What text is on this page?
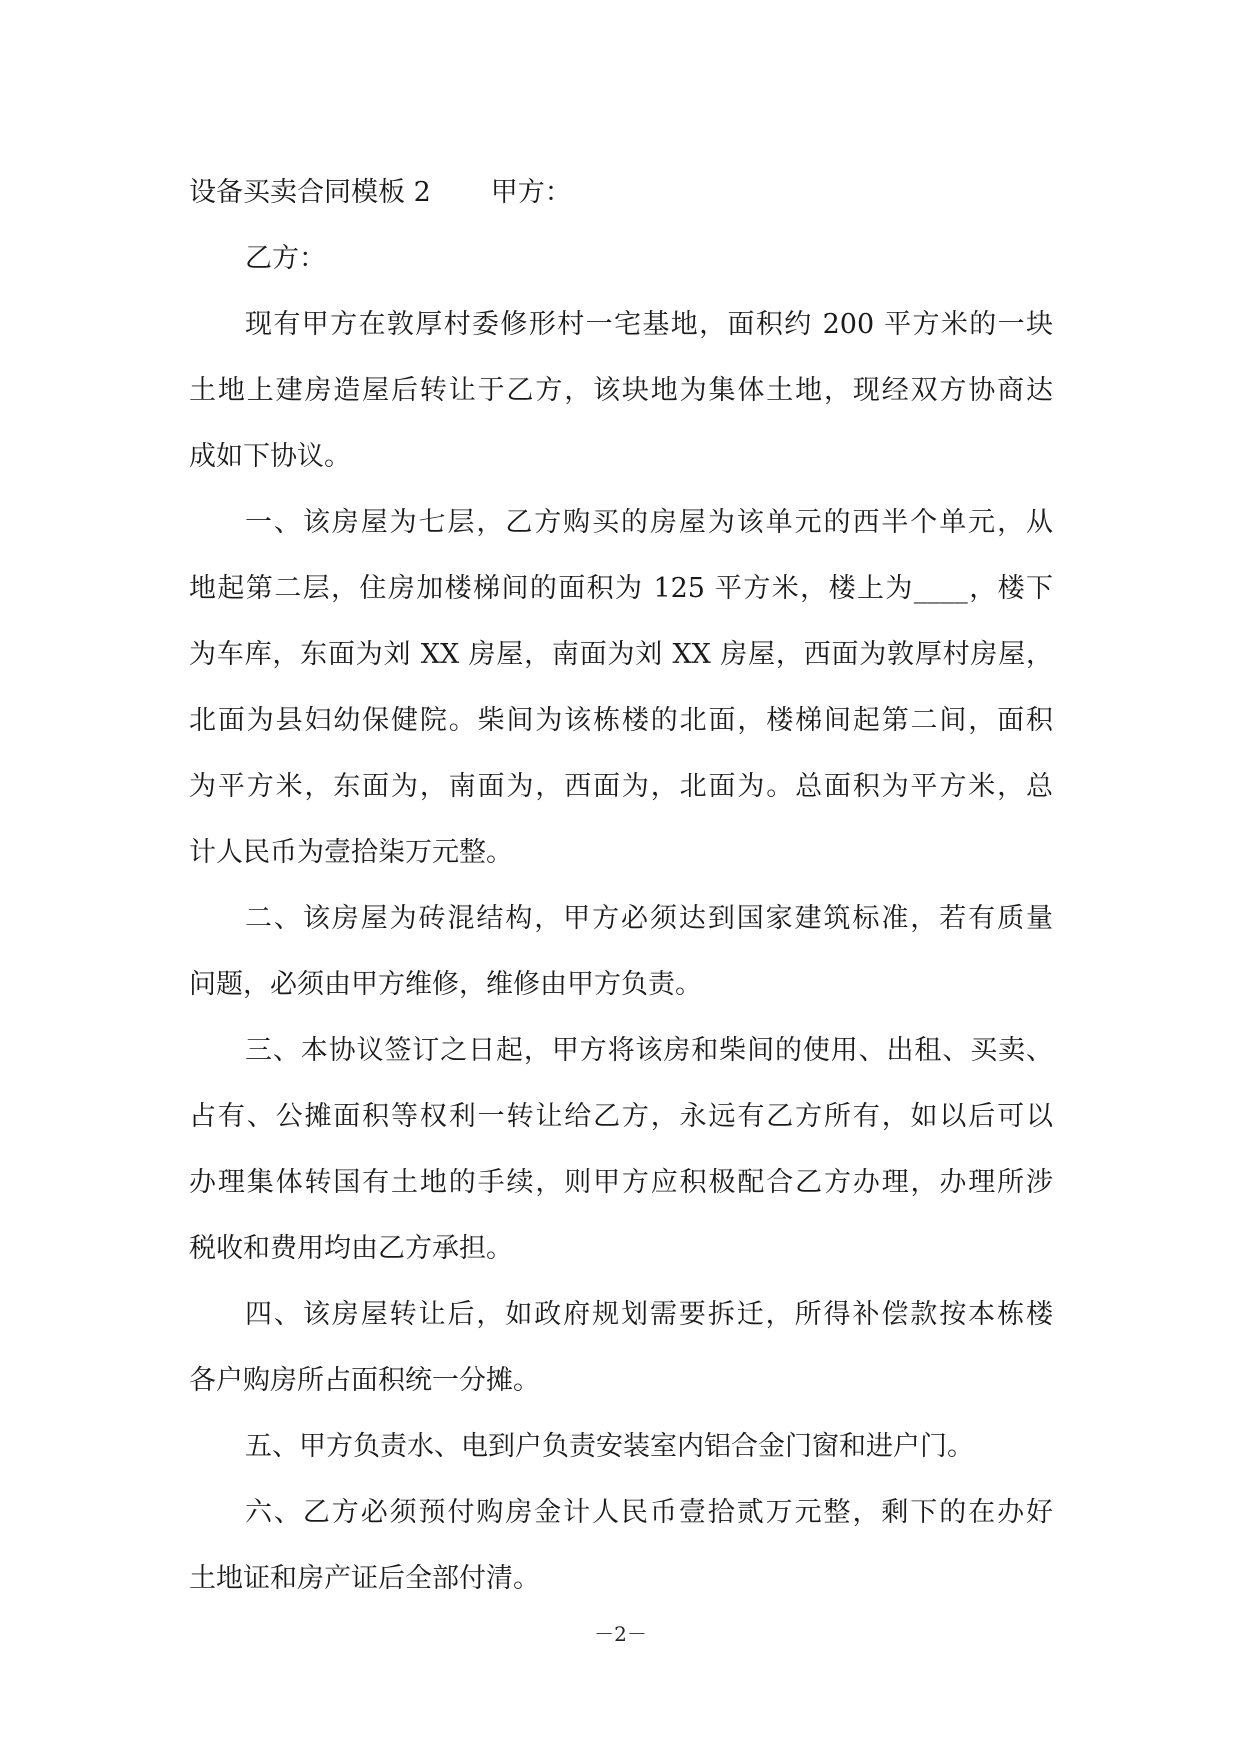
设备买卖合同模板 2 甲方：
乙方：
现有甲方在敦厚村委修形村一宅基地，面积约 200 平方米的一块
土地上建房造屋后转让于乙方，该块地为集体土地，现经双方协商达
成如下协议。
一、该房屋为七层，乙方购买的房屋为该单元的西半个单元，从
地起第二层，住房加楼梯间的面积为 125 平方米，楼上为____，楼下
为车库，东面为刘 XX 房屋，南面为刘 XX 房屋，西面为敦厚村房屋，
北面为县妇幼保健院。柴间为该栋楼的北面，楼梯间起第二间，面积
为平方米，东面为，南面为，西面为，北面为。总面积为平方米，总
计人民币为壹拾柒万元整。
二、该房屋为砖混结构，甲方必须达到国家建筑标准，若有质量
问题，必须由甲方维修，维修由甲方负责。
三、本协议签订之日起，甲方将该房和柴间的使用、出租、买卖、
占有、公摊面积等权利一转让给乙方，永远有乙方所有，如以后可以
办理集体转国有土地的手续，则甲方应积极配合乙方办理，办理所涉
税收和费用均由乙方承担。
四、该房屋转让后，如政府规划需要拆迁，所得补偿款按本栋楼
各户购房所占面积统一分摊。
五、甲方负责水、电到户负责安装室内铝合金门窗和进户门。
六、乙方必须预付购房金计人民币壹拾贰万元整，剩下的在办好
土地证和房产证后全部付清。
－2－
